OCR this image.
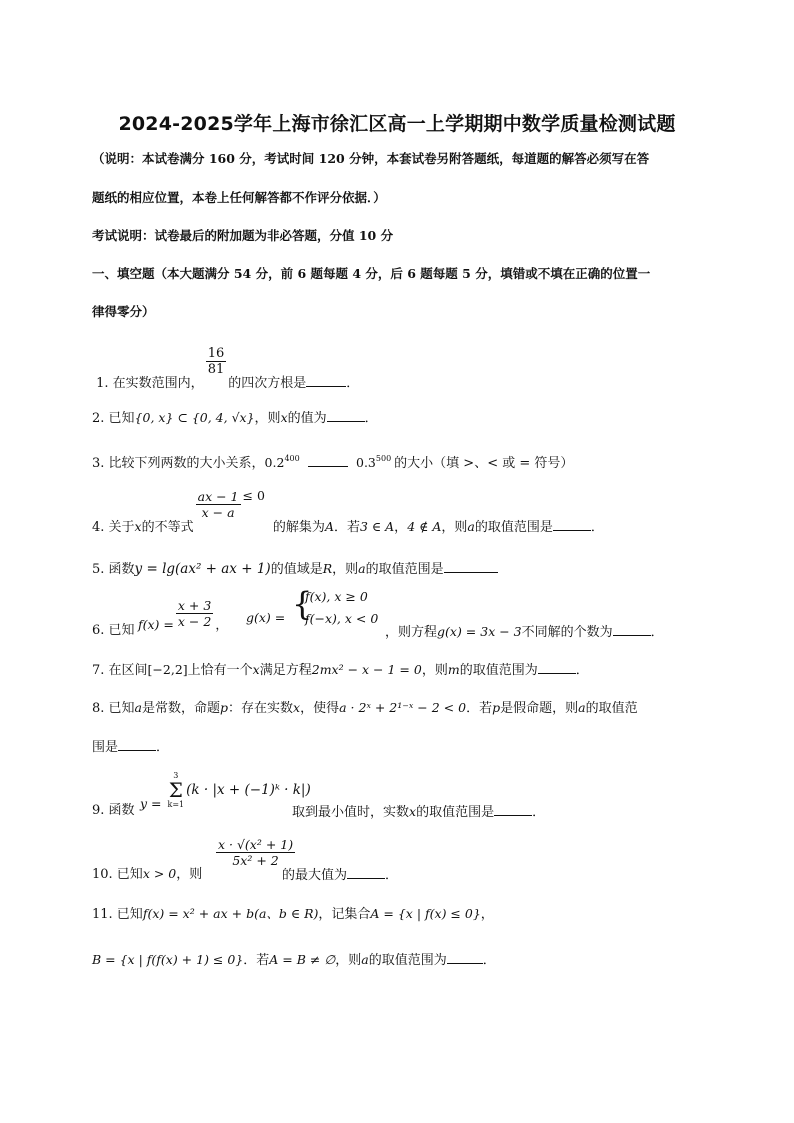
2024-2025学年上海市徐汇区高一上学期期中数学质量检测试题
（说明：本试卷满分 160 分，考试时间 120 分钟，本套试卷另附答题纸，每道题的解答必须写在答
题纸的相应位置，本卷上任何解答都不作评分依据．）
考试说明：试卷最后的附加题为非必答题，分值 10 分
一、填空题（本大题满分 54 分，前 6 题每题 4 分，后 6 题每题 5 分，填错或不填在正确的位置一
律得零分）
1. 在实数范围内，
$\frac{16}{81}$
的四次方根是	．
2. 已知{0, x} ⊂ {0, 4, √x}，则x的值为	．
3. 比较下列两数的大小关系，$0.2^{400}$	$0.3^{500}$ 的大小（填 >、< 或 = 符号）
4. 关于x的不等式
$\frac{ax - 1}{x - a} \le 0$的解集为A．若3 ∈ A，4 ∉ A，则a的取值范围是	．
5. 函数y = lg(ax² + ax + 1)的值域是R，则a的取值范围是
6. 已知 $f(x) = \frac{x + 3}{x - 2}$ ， g(x) = {
f(x), x ≥ 0
f(−x), x < 0
，则方程g(x) = 3x − 3不同解的个数为	．
7. 在区间[−2,2]上恰有一个x满足方程2mx² − x − 1 = 0，则m的取值范围为	．
8. 已知a是常数，命题p：存在实数x，使得a · 2ˣ + 2¹⁻ˣ − 2 < 0．若p是假命题，则a的取值范
围是	．
9. 函数 y =
3
Σ
k=1
(k · |x + (−1)ᵏ · k|)
取到最小值时，实数x的取值范围是	．
10. 已知x > 0，则
$\frac{\text{x · √(x² + 1)}}{\text{5x² + 2}}$
的最大值为	．
11. 已知f(x) = x² + ax + b(a、b ∈ R)，记集合A = {x | f(x) ≤ 0}，
B = {x | f(f(x) + 1) ≤ 0}．若A = B ≠ ∅，则a的取值范围为	．
